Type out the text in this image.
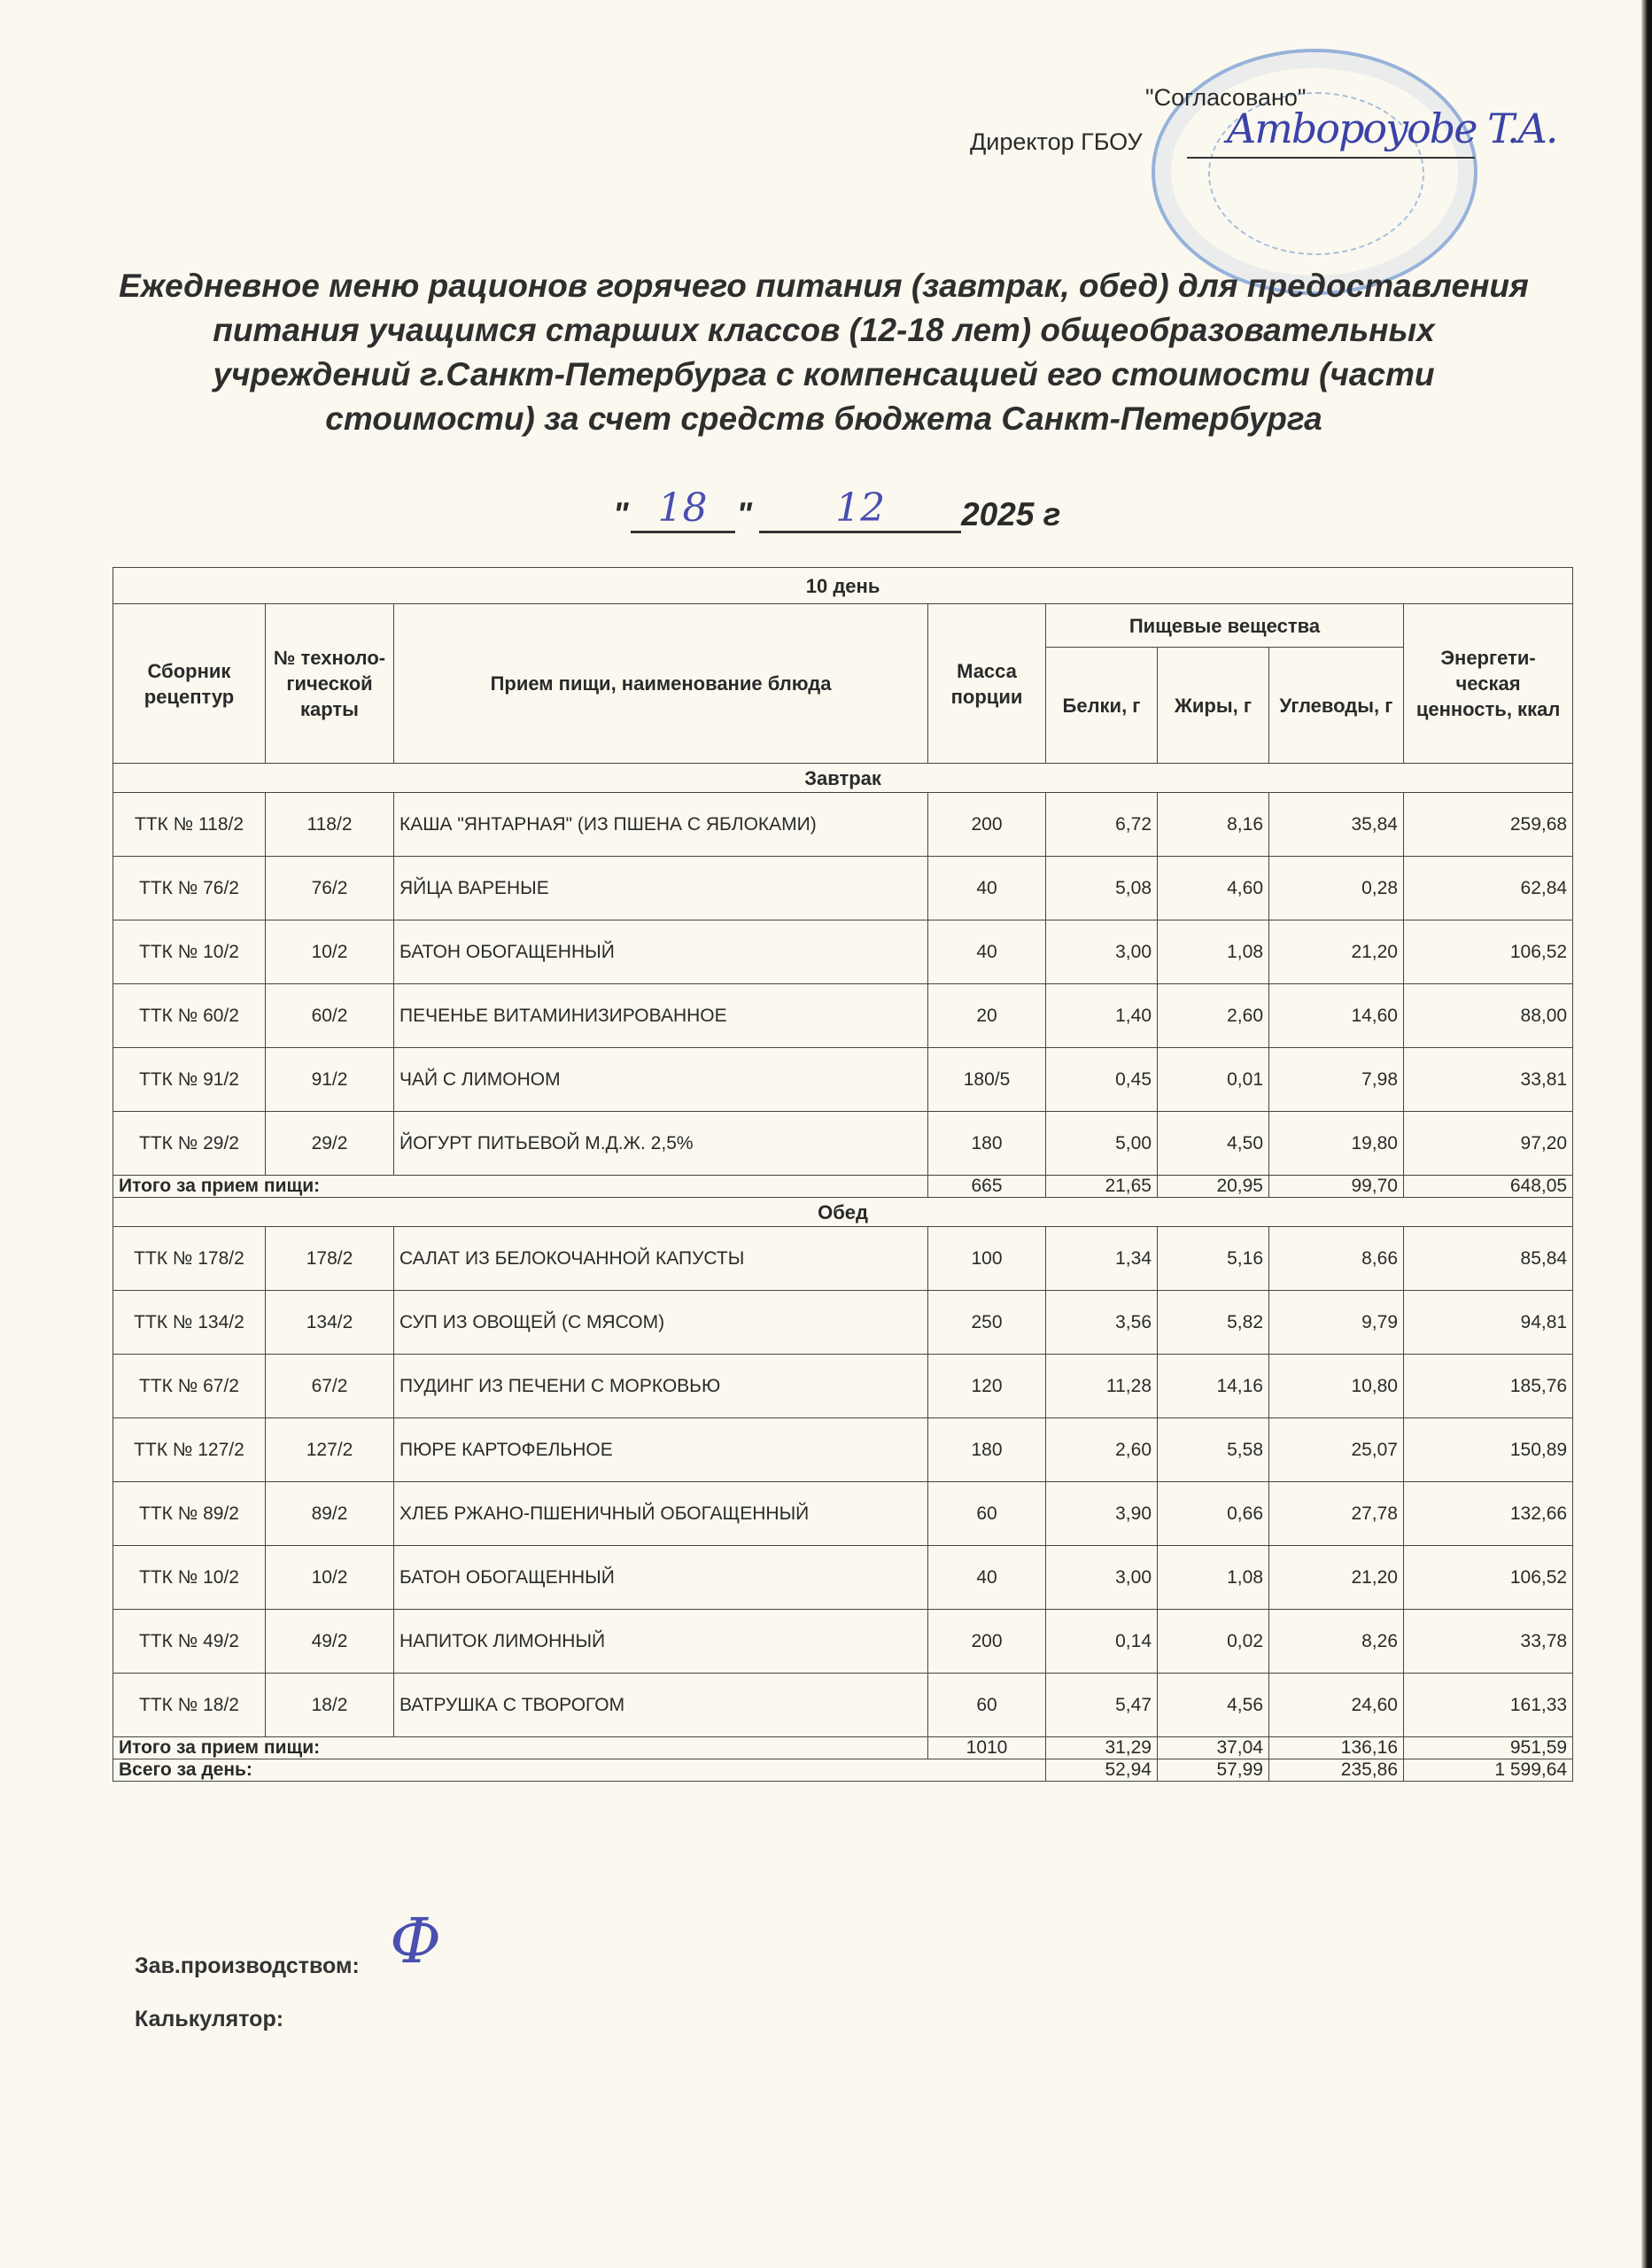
"Согласовано"
Директор ГБОУ Ambopoyobe T.A.
Ежедневное меню рационов горячего питания (завтрак, обед) для предоставления питания учащимся старших классов (12-18 лет) общеобразовательных учреждений г.Санкт-Петербурга с компенсацией его стоимости (части стоимости) за счет средств бюджета Санкт-Петербурга
" 18 "	12	2025 г
10 день							
Сборник рецептур	№ техноло-гической карты	Прием пищи, наименование блюда	Масса порции	Пищевые вещества			Энергети-ческая ценность, ккал
				Белки, г	Жиры, г	Углеводы, г	
Завтрак							
ТТК № 118/2	118/2	КАША "ЯНТАРНАЯ" (ИЗ ПШЕНА С ЯБЛОКАМИ)	200	6,72	8,16	35,84	259,68
ТТК № 76/2	76/2	ЯЙЦА ВАРЕНЫЕ	40	5,08	4,60	0,28	62,84
ТТК № 10/2	10/2	БАТОН ОБОГАЩЕННЫЙ	40	3,00	1,08	21,20	106,52
ТТК № 60/2	60/2	ПЕЧЕНЬЕ ВИТАМИНИЗИРОВАННОЕ	20	1,40	2,60	14,60	88,00
ТТК № 91/2	91/2	ЧАЙ С ЛИМОНОМ	180/5	0,45	0,01	7,98	33,81
ТТК № 29/2	29/2	ЙОГУРТ ПИТЬЕВОЙ М.Д.Ж. 2,5%	180	5,00	4,50	19,80	97,20
Итого за прием пищи:			665	21,65	20,95	99,70	648,05
Обед							
ТТК № 178/2	178/2	САЛАТ ИЗ БЕЛОКОЧАННОЙ КАПУСТЫ	100	1,34	5,16	8,66	85,84
ТТК № 134/2	134/2	СУП ИЗ ОВОЩЕЙ (С МЯСОМ)	250	3,56	5,82	9,79	94,81
ТТК № 67/2	67/2	ПУДИНГ ИЗ ПЕЧЕНИ С МОРКОВЬЮ	120	11,28	14,16	10,80	185,76
ТТК № 127/2	127/2	ПЮРЕ КАРТОФЕЛЬНОЕ	180	2,60	5,58	25,07	150,89
ТТК № 89/2	89/2	ХЛЕБ РЖАНО-ПШЕНИЧНЫЙ ОБОГАЩЕННЫЙ	60	3,90	0,66	27,78	132,66
ТТК № 10/2	10/2	БАТОН ОБОГАЩЕННЫЙ	40	3,00	1,08	21,20	106,52
ТТК № 49/2	49/2	НАПИТОК ЛИМОННЫЙ	200	0,14	0,02	8,26	33,78
ТТК № 18/2	18/2	ВАТРУШКА С ТВОРОГОМ	60	5,47	4,56	24,60	161,33
Итого за прием пищи:			1010	31,29	37,04	136,16	951,59
Всего за день:				52,94	57,99	235,86	1 599,64
Зав.производством: Ф
Калькулятор:
